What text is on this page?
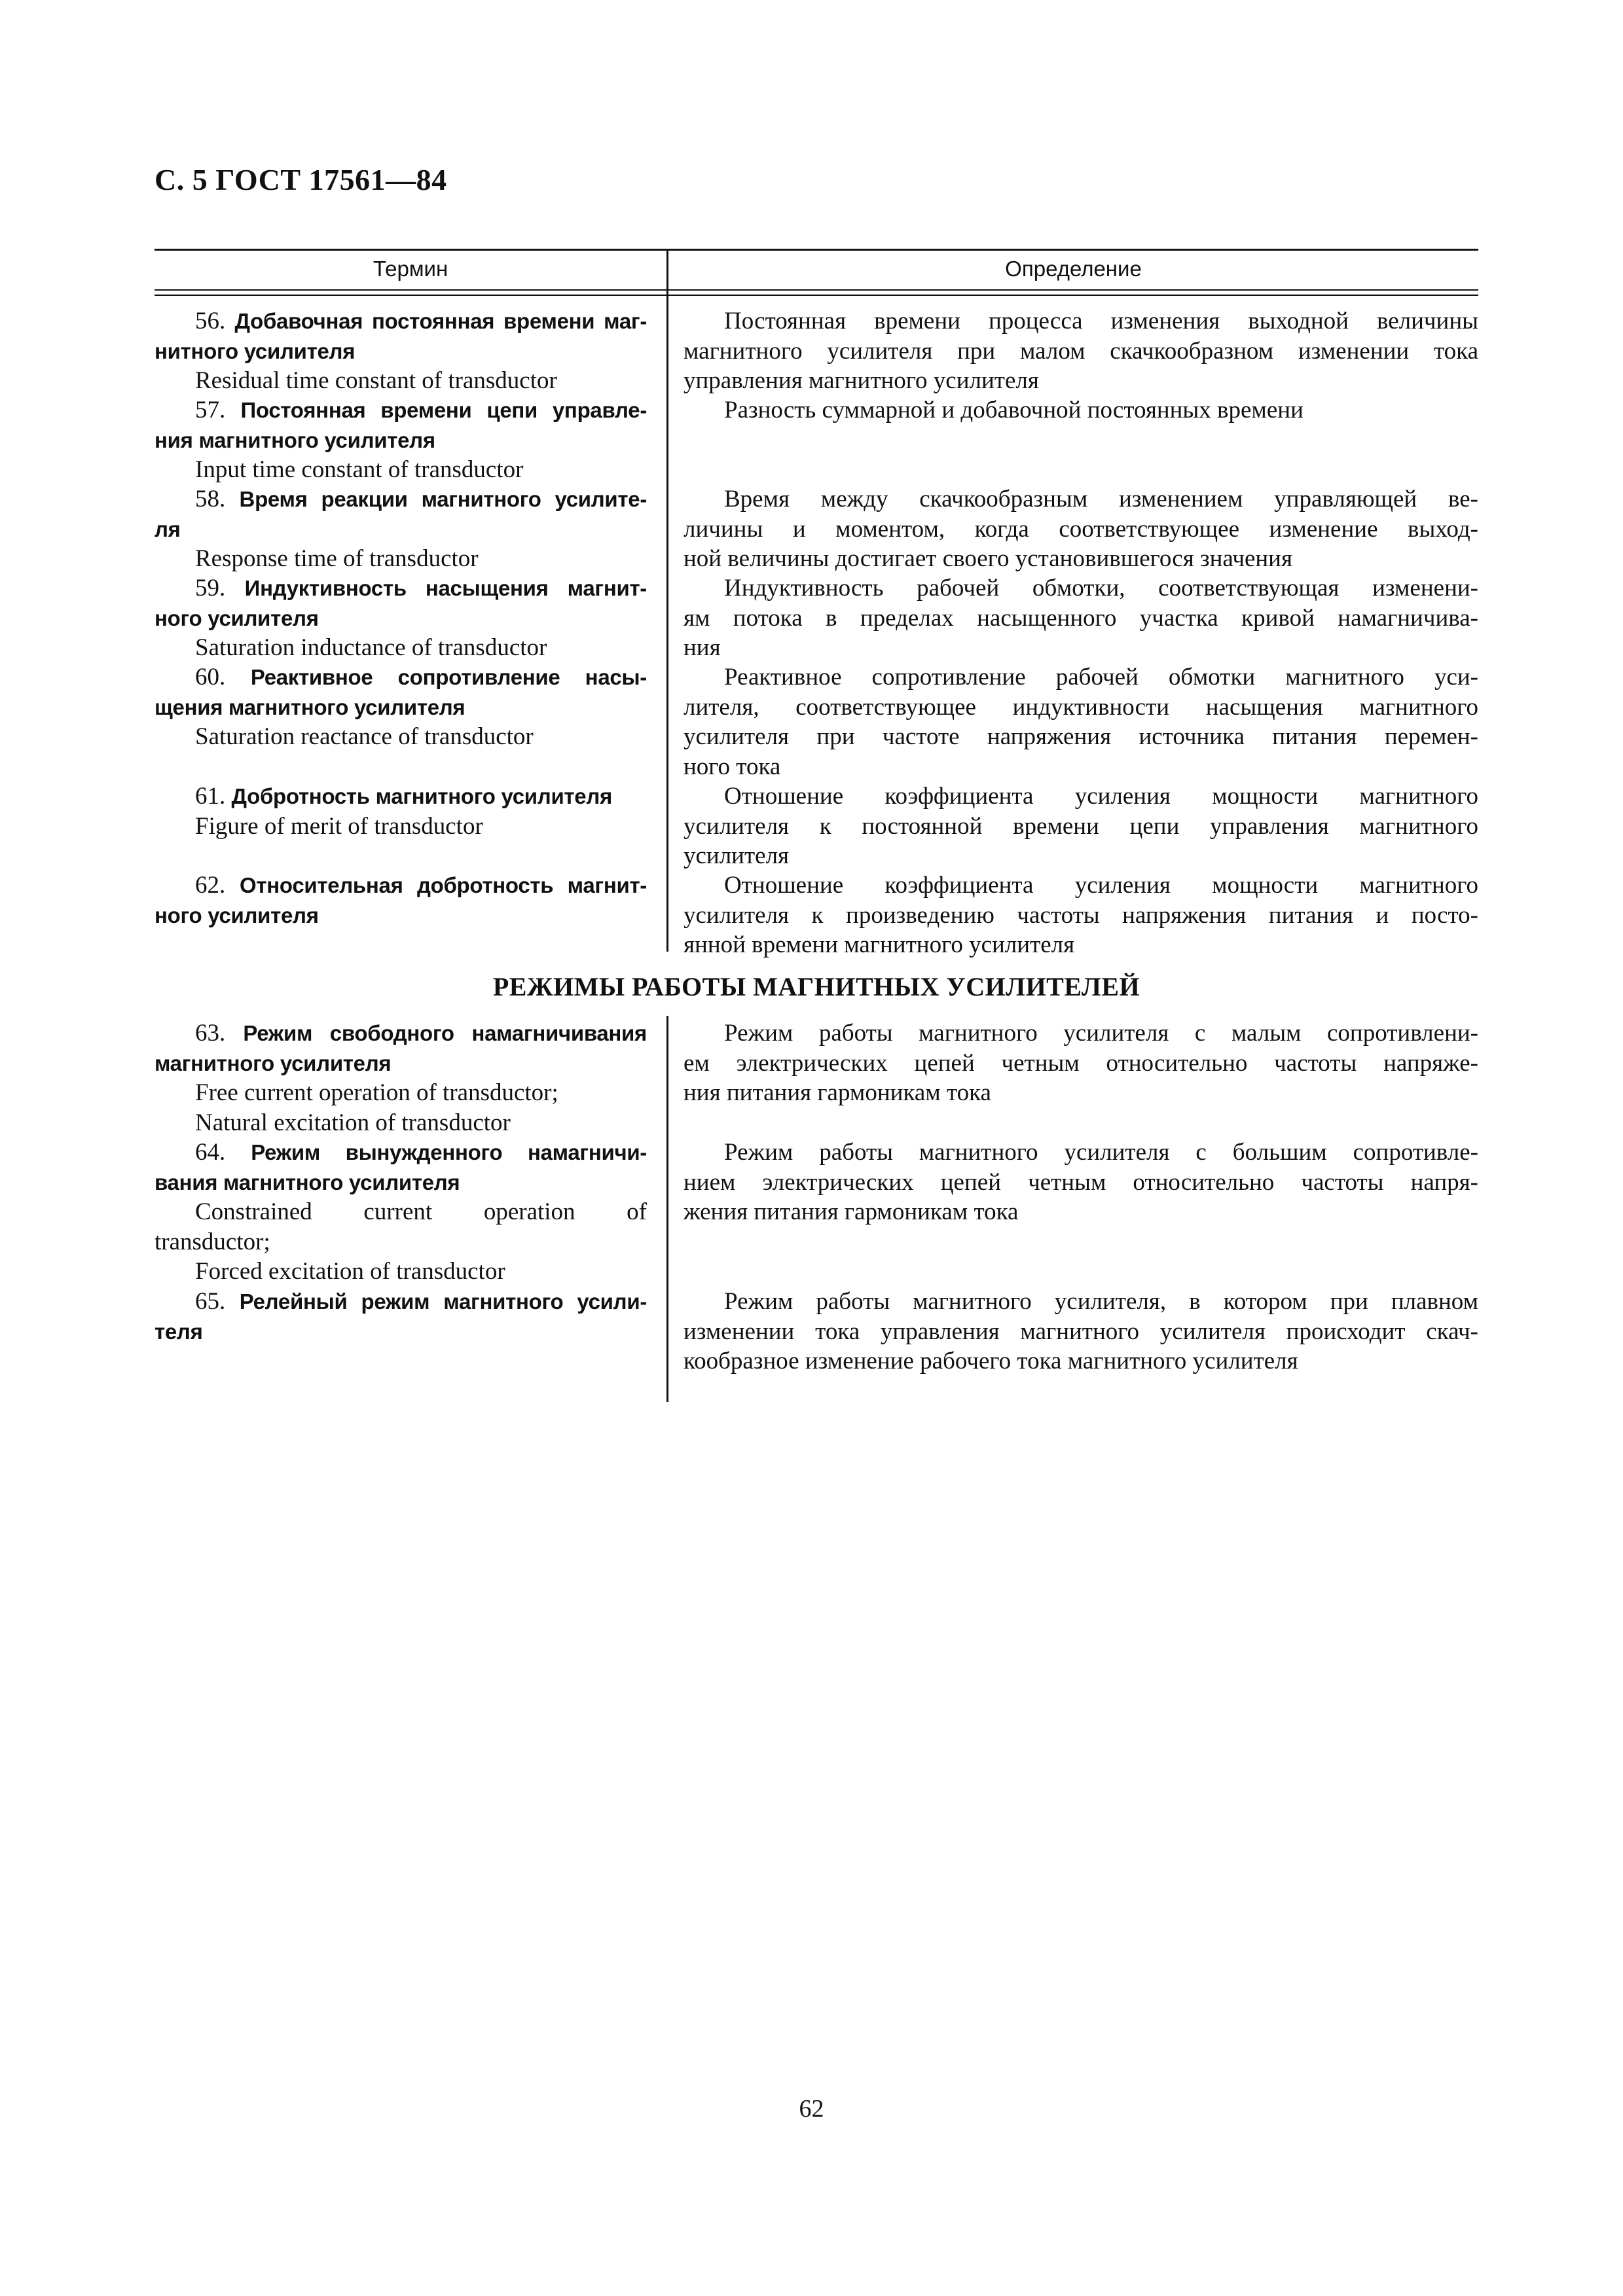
С. 5 ГОСТ 17561—84
Термин	Определение
56. Добавочная постоянная времени маг-
нитного усилителя
Residual time constant of transductor
Постоянная времени процесса изменения выходной величины
магнитного усилителя при малом скачкообразном изменении тока
управления магнитного усилителя
57. Постоянная времени цепи управле-
ния магнитного усилителя
Input time constant of transductor
Разность суммарной и добавочной постоянных времени
58. Время реакции магнитного усилите-
ля
Response time of transductor
Время между скачкообразным изменением управляющей ве-
личины и моментом, когда соответствующее изменение выход-
ной величины достигает своего установившегося значения
59. Индуктивность насыщения магнит-
ного усилителя
Saturation inductance of transductor
Индуктивность рабочей обмотки, соответствующая изменени-
ям потока в пределах насыщенного участка кривой намагничива-
ния
60. Реактивное сопротивление насы-
щения магнитного усилителя
Saturation reactance of transductor
Реактивное сопротивление рабочей обмотки магнитного уси-
лителя, соответствующее индуктивности насыщения магнитного
усилителя при частоте напряжения источника питания перемен-
ного тока
61. Добротность магнитного усилителя
Figure of merit of transductor
Отношение коэффициента усиления мощности магнитного
усилителя к постоянной времени цепи управления магнитного
усилителя
62. Относительная добротность магнит-
ного усилителя
Отношение коэффициента усиления мощности магнитного
усилителя к произведению частоты напряжения питания и посто-
янной времени магнитного усилителя
РЕЖИМЫ РАБОТЫ МАГНИТНЫХ УСИЛИТЕЛЕЙ
63. Режим свободного намагничивания
магнитного усилителя
Free current operation of transductor;
Natural excitation of transductor
Режим работы магнитного усилителя с малым сопротивлени-
ем электрических цепей четным относительно частоты напряже-
ния питания гармоникам тока
64. Режим вынужденного намагничи-
вания магнитного усилителя
Constrained current operation of
transductor;
Forced excitation of transductor
Режим работы магнитного усилителя с большим сопротивле-
нием электрических цепей четным относительно частоты напря-
жения питания гармоникам тока
65. Релейный режим магнитного усили-
теля
Режим работы магнитного усилителя, в котором при плавном
изменении тока управления магнитного усилителя происходит скач-
кообразное изменение рабочего тока магнитного усилителя
62
